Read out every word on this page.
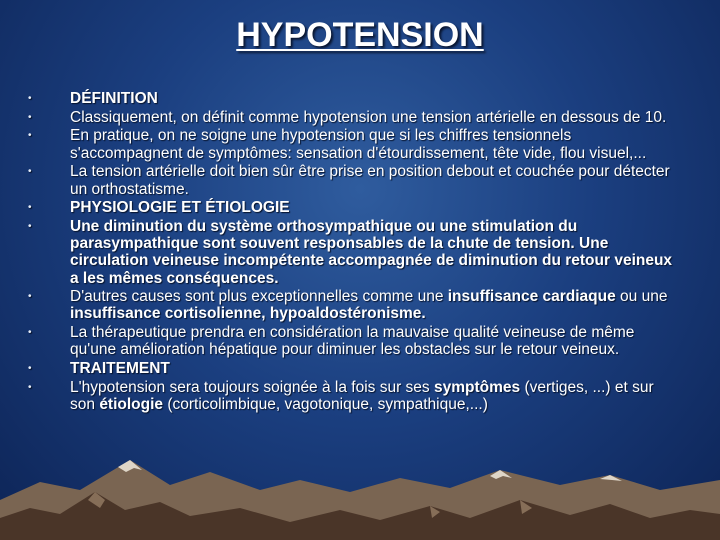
HYPOTENSION
• DÉFINITION
• Classiquement, on définit comme hypotension une tension artérielle en dessous de 10.
• En pratique, on ne soigne une hypotension que si les chiffres tensionnels s'accompagnent de symptômes: sensation d'étourdissement, tête vide, flou visuel,...
• La tension artérielle doit bien sûr être prise en position debout et couchée pour détecter un orthostatisme.
• PHYSIOLOGIE ET ÉTIOLOGIE
• Une diminution du système orthosympathique ou une stimulation du parasympathique sont souvent responsables de la chute de tension. Une circulation veineuse incompétente accompagnée de diminution du retour veineux a les mêmes conséquences.
• D'autres causes sont plus exceptionnelles comme une insuffisance cardiaque ou une insuffisance cortisolienne, hypoaldostéronisme.
• La thérapeutique prendra en considération la mauvaise qualité veineuse de même qu'une amélioration hépatique pour diminuer les obstacles sur le retour veineux.
• TRAITEMENT
• L'hypotension sera toujours soignée à la fois sur ses symptômes (vertiges, ...) et sur son étiologie (corticolimbique, vagotonique, sympathique,...)
